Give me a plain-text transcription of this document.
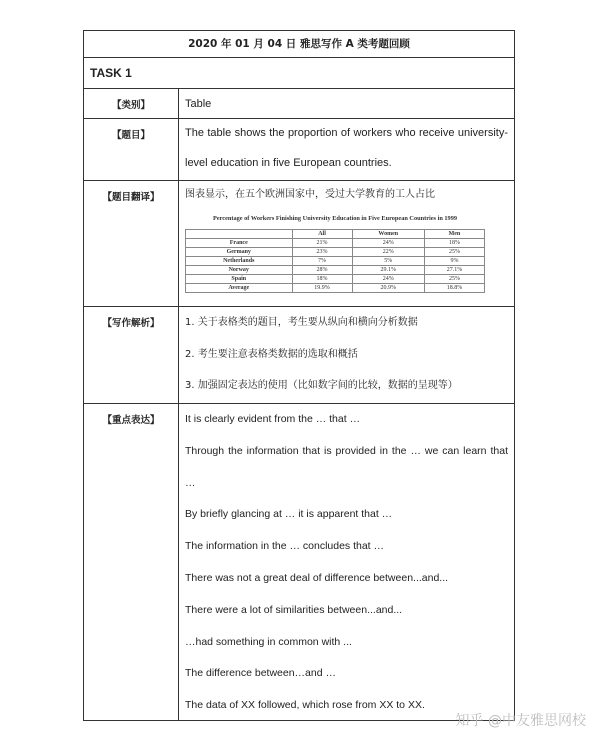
2020 年 01 月 04 日 雅思写作 A 类考题回顾
TASK 1
【类别】	Table
【题目】	The table shows the proportion of workers who receive university-level education in five European countries.
【题目翻译】	图表显示，在五个欧洲国家中，受过大学教育的工人占比
Percentage of Workers Finishing University Education in Five European Countries in 1999
	All	Women	Men
France	21%	24%	18%
Germany	23%	22%	25%
Netherlands	7%	5%	9%
Norway	28%	29.1%	27.1%
Spain	18%	24%	25%
Average	19.9%	20.9%	18.8%
【写作解析】	1. 关于表格类的题目，考生要从纵向和横向分析数据
2. 考生要注意表格类数据的选取和概括
3. 加强固定表达的使用（比如数字间的比较，数据的呈现等）
【重点表达】	It is clearly evident from the … that …
Through the information that is provided in the … we can learn that …
By briefly glancing at … it is apparent that …
The information in the … concludes that …
There was not a great deal of difference between...and...
There were a lot of similarities between...and...
…had something in common with ...
The difference between…and …
The data of XX followed, which rose from XX to XX.
知乎 @中友雅思网校
